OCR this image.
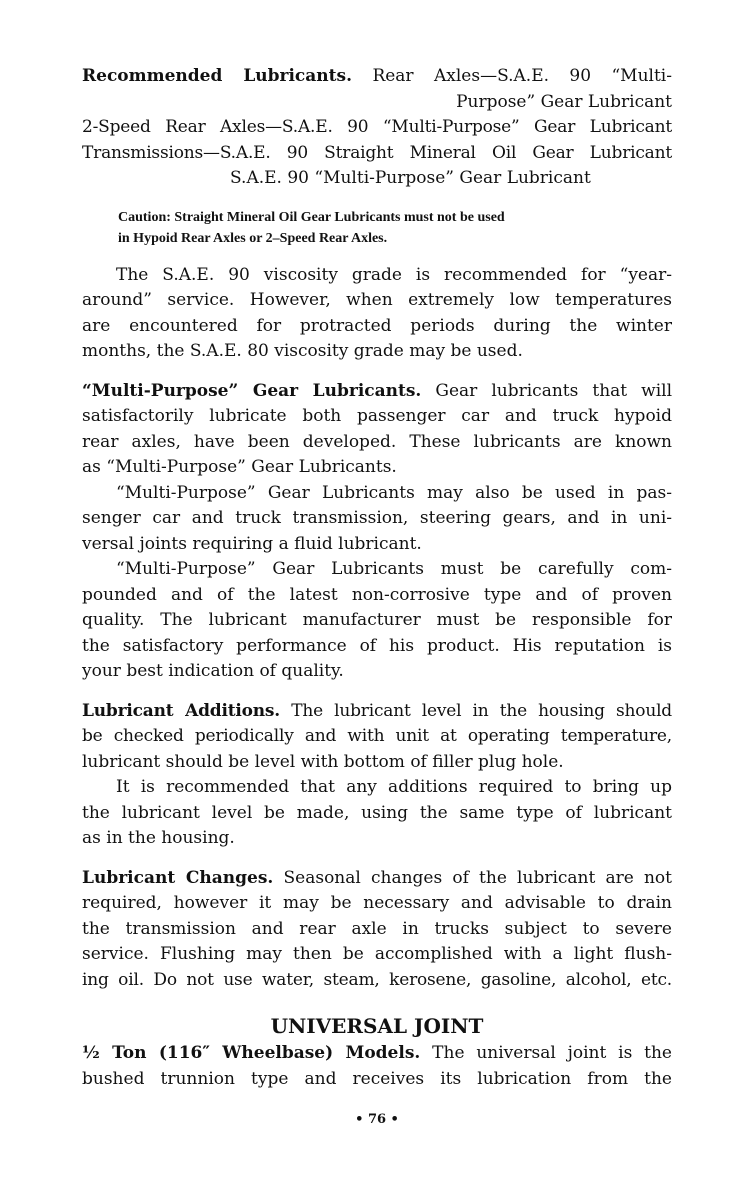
Recommended Lubricants. Rear Axles—S.A.E. 90 “Multi-
Purpose” Gear Lubricant
2-Speed Rear Axles—S.A.E. 90 “Multi-Purpose” Gear Lubricant
Transmissions—S.A.E. 90 Straight Mineral Oil Gear Lubricant
S.A.E. 90 “Multi-Purpose” Gear Lubricant
Caution: Straight Mineral Oil Gear Lubricants must not be used
in Hypoid Rear Axles or 2–Speed Rear Axles.
The S.A.E. 90 viscosity grade is recommended for “year-
around” service. However, when extremely low temperatures
are encountered for protracted periods during the winter
months, the S.A.E. 80 viscosity grade may be used.
“Multi-Purpose” Gear Lubricants. Gear lubricants that will
satisfactorily lubricate both passenger car and truck hypoid
rear axles, have been developed. These lubricants are known
as “Multi-Purpose” Gear Lubricants.
“Multi-Purpose” Gear Lubricants may also be used in pas-
senger car and truck transmission, steering gears, and in uni-
versal joints requiring a fluid lubricant.
“Multi-Purpose” Gear Lubricants must be carefully com-
pounded and of the latest non-corrosive type and of proven
quality. The lubricant manufacturer must be responsible for
the satisfactory performance of his product. His reputation is
your best indication of quality.
Lubricant Additions. The lubricant level in the housing should
be checked periodically and with unit at operating temperature,
lubricant should be level with bottom of filler plug hole.
It is recommended that any additions required to bring up
the lubricant level be made, using the same type of lubricant
as in the housing.
Lubricant Changes. Seasonal changes of the lubricant are not
required, however it may be necessary and advisable to drain
the transmission and rear axle in trucks subject to severe
service. Flushing may then be accomplished with a light flush-
ing oil. Do not use water, steam, kerosene, gasoline, alcohol, etc.
UNIVERSAL JOINT
½ Ton (116″ Wheelbase) Models. The universal joint is the
bushed trunnion type and receives its lubrication from the
• 76 •
